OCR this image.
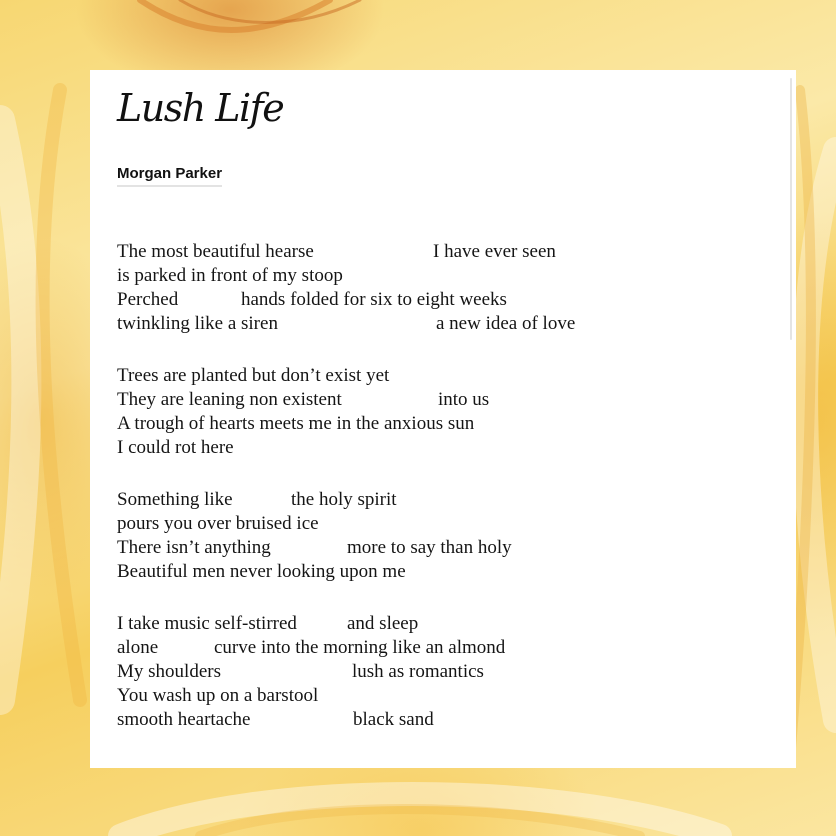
Lush Life
Morgan Parker
The most beautiful hearse	I have ever seen
is parked in front of my stoop
Perched	hands folded for six to eight weeks
twinkling like a siren	a new idea of love
Trees are planted but don’t exist yet
They are leaning non existent	into us
A trough of hearts meets me in the anxious sun
I could rot here
Something like	the holy spirit
pours you over bruised ice
There isn’t anything	more to say than holy
Beautiful men never looking upon me
I take music self-stirred	and sleep
alone	curve into the morning like an almond
My shoulders	lush as romantics
You wash up on a barstool
smooth heartache	black sand
